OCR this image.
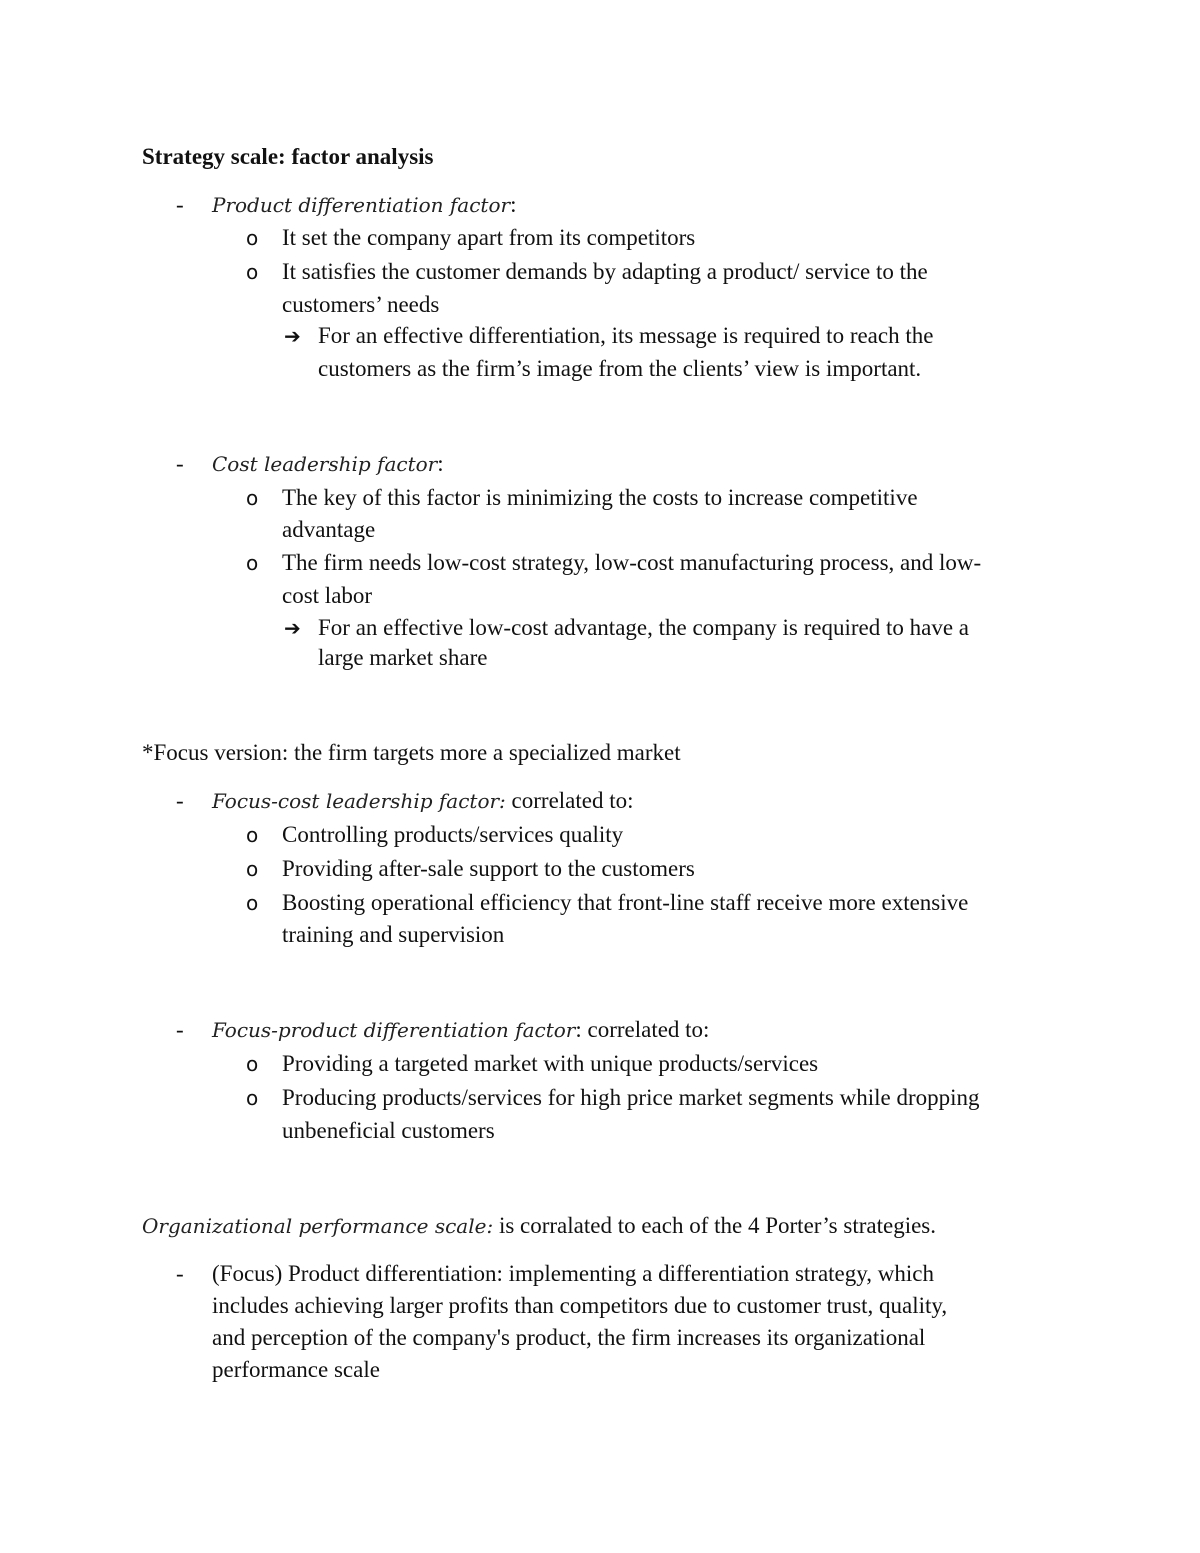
Strategy scale: factor analysis
- Product differentiation factor:
o It set the company apart from its competitors
o It satisfies the customer demands by adapting a product/ service to the
customers’ needs
➔ For an effective differentiation, its message is required to reach the
customers as the firm’s image from the clients’ view is important.
- Cost leadership factor:
o The key of this factor is minimizing the costs to increase competitive
advantage
o The firm needs low-cost strategy, low-cost manufacturing process, and low-
cost labor
➔ For an effective low-cost advantage, the company is required to have a
large market share
*Focus version: the firm targets more a specialized market
- Focus-cost leadership factor: correlated to:
o Controlling products/services quality
o Providing after-sale support to the customers
o Boosting operational efficiency that front-line staff receive more extensive
training and supervision
- Focus-product differentiation factor: correlated to:
o Providing a targeted market with unique products/services
o Producing products/services for high price market segments while dropping
unbeneficial customers
Organizational performance scale: is corralated to each of the 4 Porter’s strategies.
- (Focus) Product differentiation: implementing a differentiation strategy, which
includes achieving larger profits than competitors due to customer trust, quality,
and perception of the company's product, the firm increases its organizational
performance scale
